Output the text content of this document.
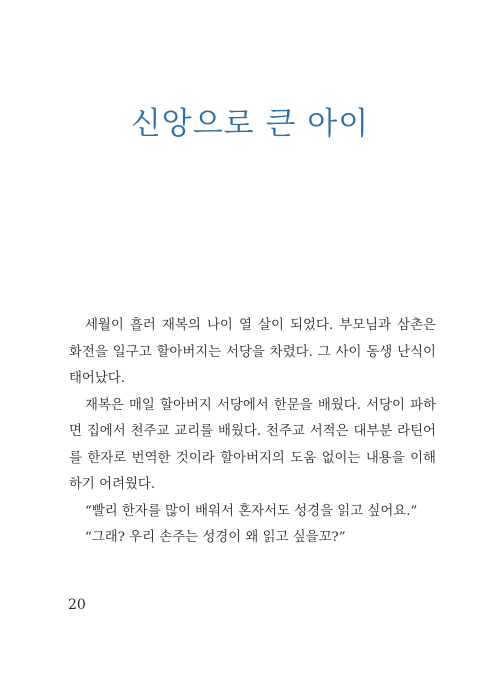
신앙으로 큰 아이

세월이 흘러 재복의 나이 열 살이 되었다. 부모님과 삼촌은 화전을 일구고 할아버지는 서당을 차렸다. 그 사이 동생 난식이 태어났다.

재복은 매일 할아버지 서당에서 한문을 배웠다. 서당이 파하면 집에서 천주교 교리를 배웠다. 천주교 서적은 대부분 라틴어를 한자로 번역한 것이라 할아버지의 도움 없이는 내용을 이해하기 어려웠다.

“빨리 한자를 많이 배워서 혼자서도 성경을 읽고 싶어요.”

“그래? 우리 손주는 성경이 왜 읽고 싶을꼬?”

20
